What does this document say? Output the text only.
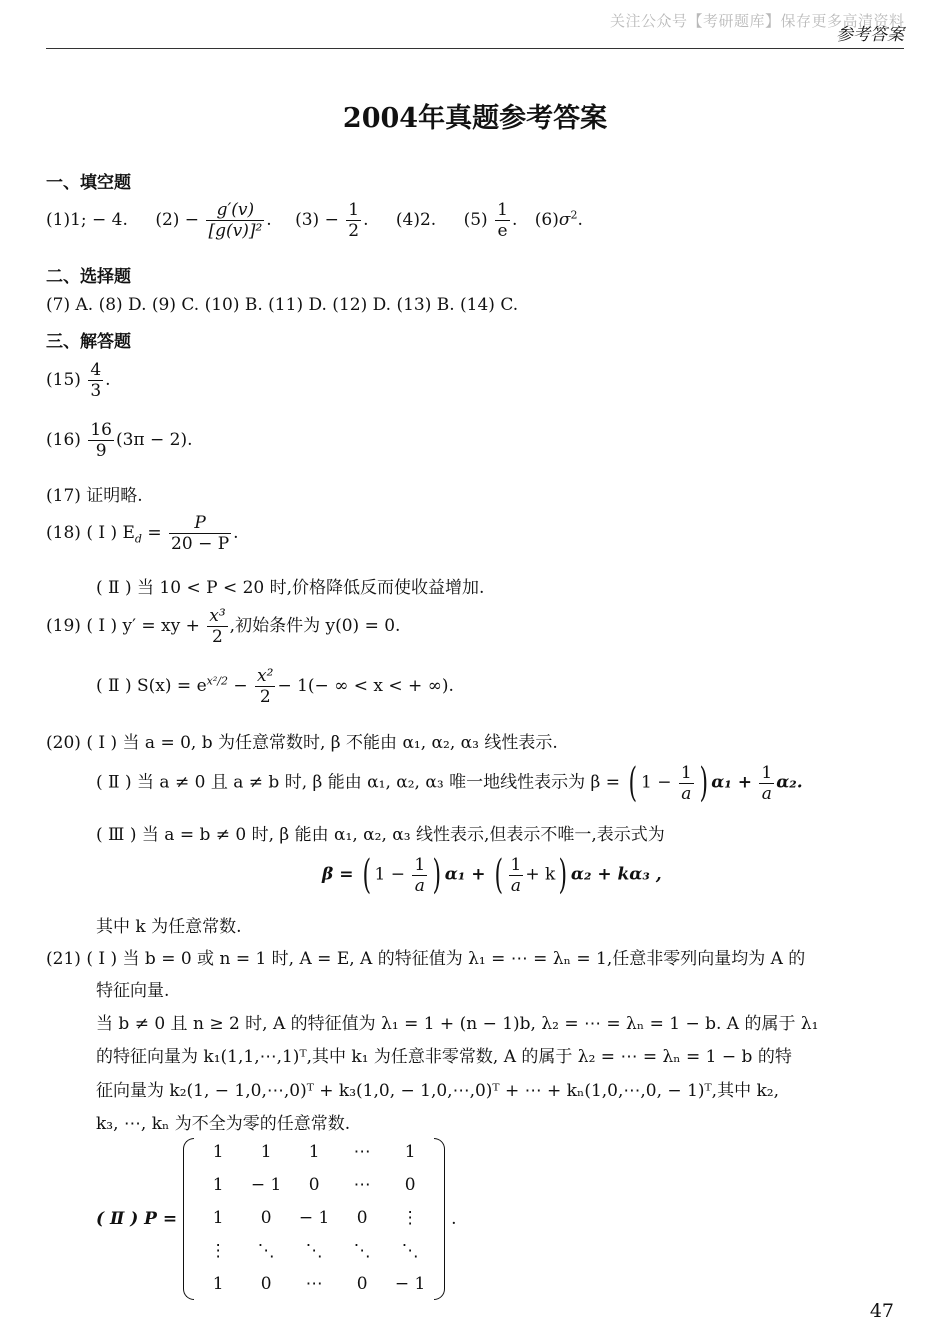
关注公众号【考研题库】保存更多高清资料
参考答案
2004年真题参考答案
一、填空题
(1)1; − 4. $(2) - \frac{g'(v)}{\text{[g(v)]²}}$ . $(3) - \frac{1}{2}$ . (4)2. $(5) \frac{1}{e}$ . $(6)\sigma^2$.
二、选择题
(7) A. (8) D. (9) C. (10) B. (11) D. (12) D. (13) B. (14) C.
三、解答题
$(15) \frac{4}{3}$ .
$(16) \frac{16}{9} (3\pi - 2)$.
(17) 证明略.
(18) ( Ⅰ ) $E_d = \frac{P}{20 - P}$ .
( Ⅱ ) 当 10 < P < 20 时,价格降低反而使收益增加.
(19) ( Ⅰ ) y′ = xy + $\frac{\text{x³}}{2}$ ,初始条件为 y(0) = 0.
( Ⅱ ) $S(x) = e^{x^2/2} - \frac{\text{x²}}{2} - 1(-$ ∞ < x < + ∞).
(20) ( Ⅰ ) 当 a = 0, b 为任意常数时, β 不能由 α₁, α₂, α₃ 线性表示.
( Ⅱ ) 当 a ≠ 0 且 a ≠ b 时, β 能由 α₁, α₂, α₃ 唯一地线性表示为 β = ( $1 - \frac{1}{a}$ ) $\alpha_1 + \frac{1}{a} \alpha_2$.
( Ⅲ ) 当 a = b ≠ 0 时, β 能由 α₁, α₂, α₃ 线性表示,但表示不唯一,表示式为
β = ( $1 - \frac{1}{a}$ ) α₁ + ( $\frac{1}{a} + k$) α₂ + kα₃ ,
其中 k 为任意常数.
(21) ( Ⅰ ) 当 b = 0 或 n = 1 时, A = E, A 的特征值为 λ₁ = ⋯ = λₙ = 1,任意非零列向量均为 A 的
特征向量.
当 b ≠ 0 且 n ≥ 2 时, A 的特征值为 λ₁ = 1 + (n − 1)b, λ₂ = ⋯ = λₙ = 1 − b. A 的属于 λ₁
的特征向量为 k₁(1,1,⋯,1)ᵀ,其中 k₁ 为任意非零常数, A 的属于 λ₂ = ⋯ = λₙ = 1 − b 的特
征向量为 k₂(1, − 1,0,⋯,0)ᵀ + k₃(1,0, − 1,0,⋯,0)ᵀ + ⋯ + kₙ(1,0,⋯,0, − 1)ᵀ,其中 k₂,
k₃, ⋯, kₙ 为不全为零的任意常数.
( Ⅱ ) P =
1	1	1	⋯	1
1	− 1	0	⋯	0
1	0	− 1	0	⋮
⋮	⋱	⋱	⋱	⋱
1	0	⋯	0	− 1
.
47
